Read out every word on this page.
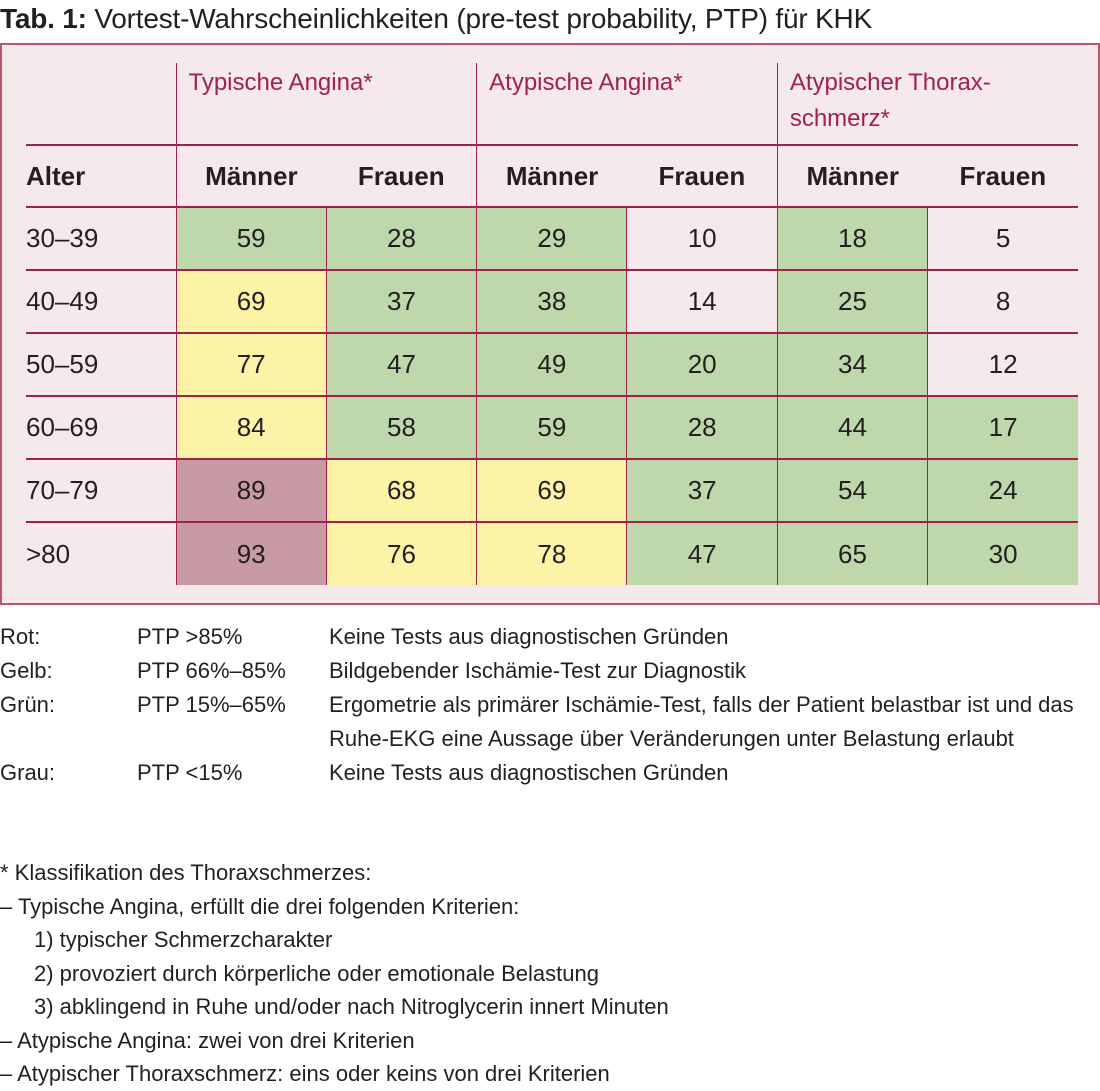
Tab. 1: Vortest-Wahrscheinlichkeiten (pre-test probability, PTP) für KHK
	Typische Angina*		Atypische Angina*		Atypischer Thorax-
schmerz*	
Alter	Männer	Frauen	Männer	Frauen	Männer	Frauen
30–39	59	28	29	10	18	5
40–49	69	37	38	14	25	8
50–59	77	47	49	20	34	12
60–69	84	58	59	28	44	17
70–79	89	68	69	37	54	24
>80	93	76	78	47	65	30
Rot:	PTP >85%	Keine Tests aus diagnostischen Gründen
Gelb:	PTP 66%–85%	Bildgebender Ischämie-Test zur Diagnostik
Grün:	PTP 15%–65%	Ergometrie als primärer Ischämie-Test, falls der Patient belastbar ist und das Ruhe-EKG eine Aussage über Veränderungen unter Belastung erlaubt
Grau:	PTP <15%	Keine Tests aus diagnostischen Gründen
* Klassifikation des Thoraxschmerzes:
– Typische Angina, erfüllt die drei folgenden Kriterien:
1) typischer Schmerzcharakter
2) provoziert durch körperliche oder emotionale Belastung
3) abklingend in Ruhe und/oder nach Nitroglycerin innert Minuten
– Atypische Angina: zwei von drei Kriterien
– Atypischer Thoraxschmerz: eins oder keins von drei Kriterien
